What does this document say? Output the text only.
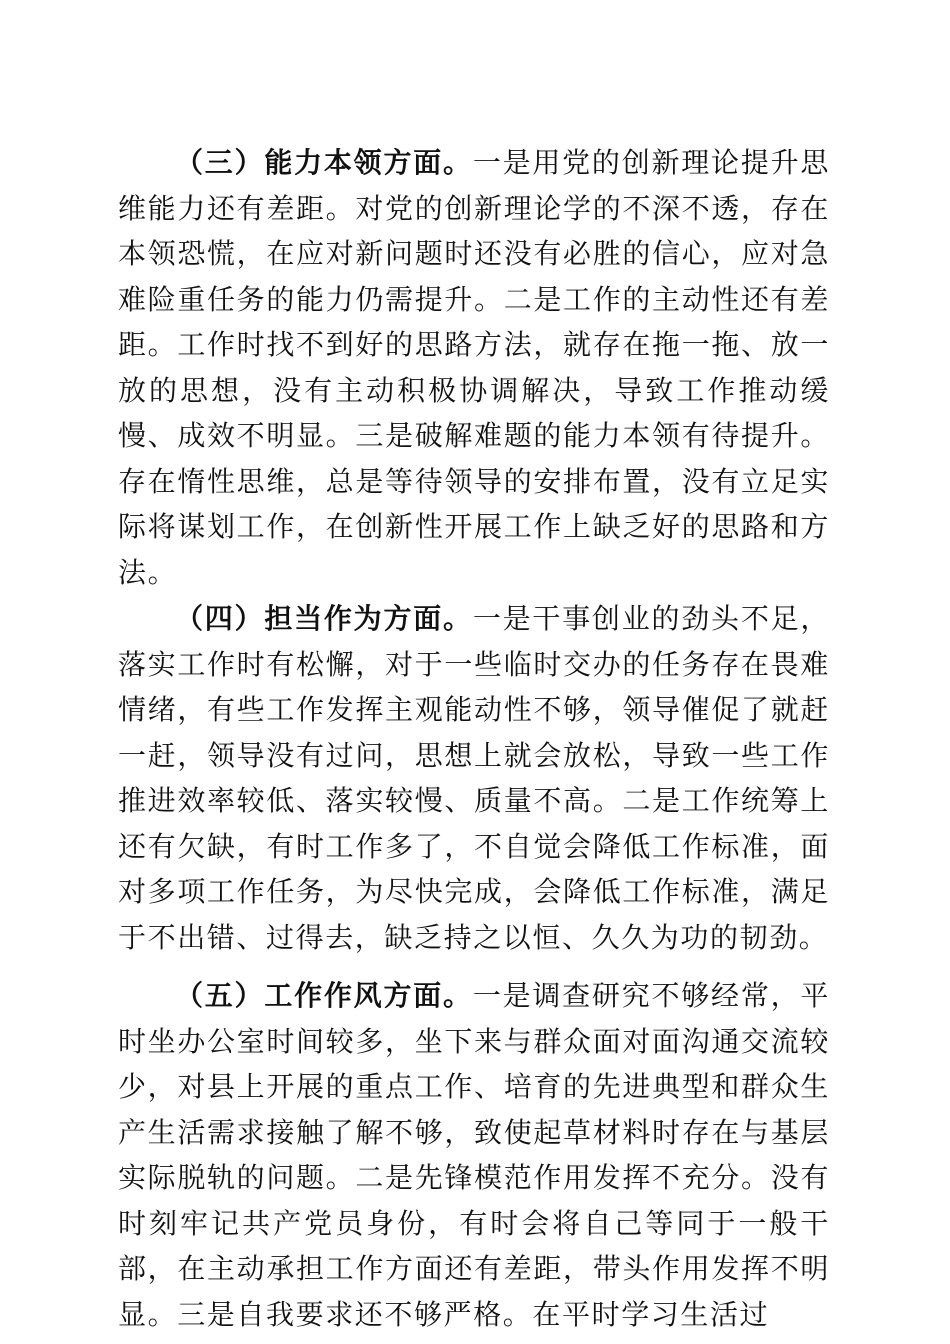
（三）能力本领方面。一是用党的创新理论提升思维能力还有差距。对党的创新理论学的不深不透，存在本领恐慌，在应对新问题时还没有必胜的信心，应对急难险重任务的能力仍需提升。二是工作的主动性还有差距。工作时找不到好的思路方法，就存在拖一拖、放一放的思想，没有主动积极协调解决，导致工作推动缓慢、成效不明显。三是破解难题的能力本领有待提升。存在惰性思维，总是等待领导的安排布置，没有立足实际将谋划工作，在创新性开展工作上缺乏好的思路和方法。

（四）担当作为方面。一是干事创业的劲头不足，落实工作时有松懈，对于一些临时交办的任务存在畏难情绪，有些工作发挥主观能动性不够，领导催促了就赶一赶，领导没有过问，思想上就会放松，导致一些工作推进效率较低、落实较慢、质量不高。二是工作统筹上还有欠缺，有时工作多了，不自觉会降低工作标准，面对多项工作任务，为尽快完成，会降低工作标准，满足于不出错、过得去，缺乏持之以恒、久久为功的韧劲。

（五）工作作风方面。一是调查研究不够经常，平时坐办公室时间较多，坐下来与群众面对面沟通交流较少，对县上开展的重点工作、培育的先进典型和群众生产生活需求接触了解不够，致使起草材料时存在与基层实际脱轨的问题。二是先锋模范作用发挥不充分。没有时刻牢记共产党员身份，有时会将自己等同于一般干部，在主动承担工作方面还有差距，带头作用发挥不明显。三是自我要求还不够严格。在平时学习生活过
